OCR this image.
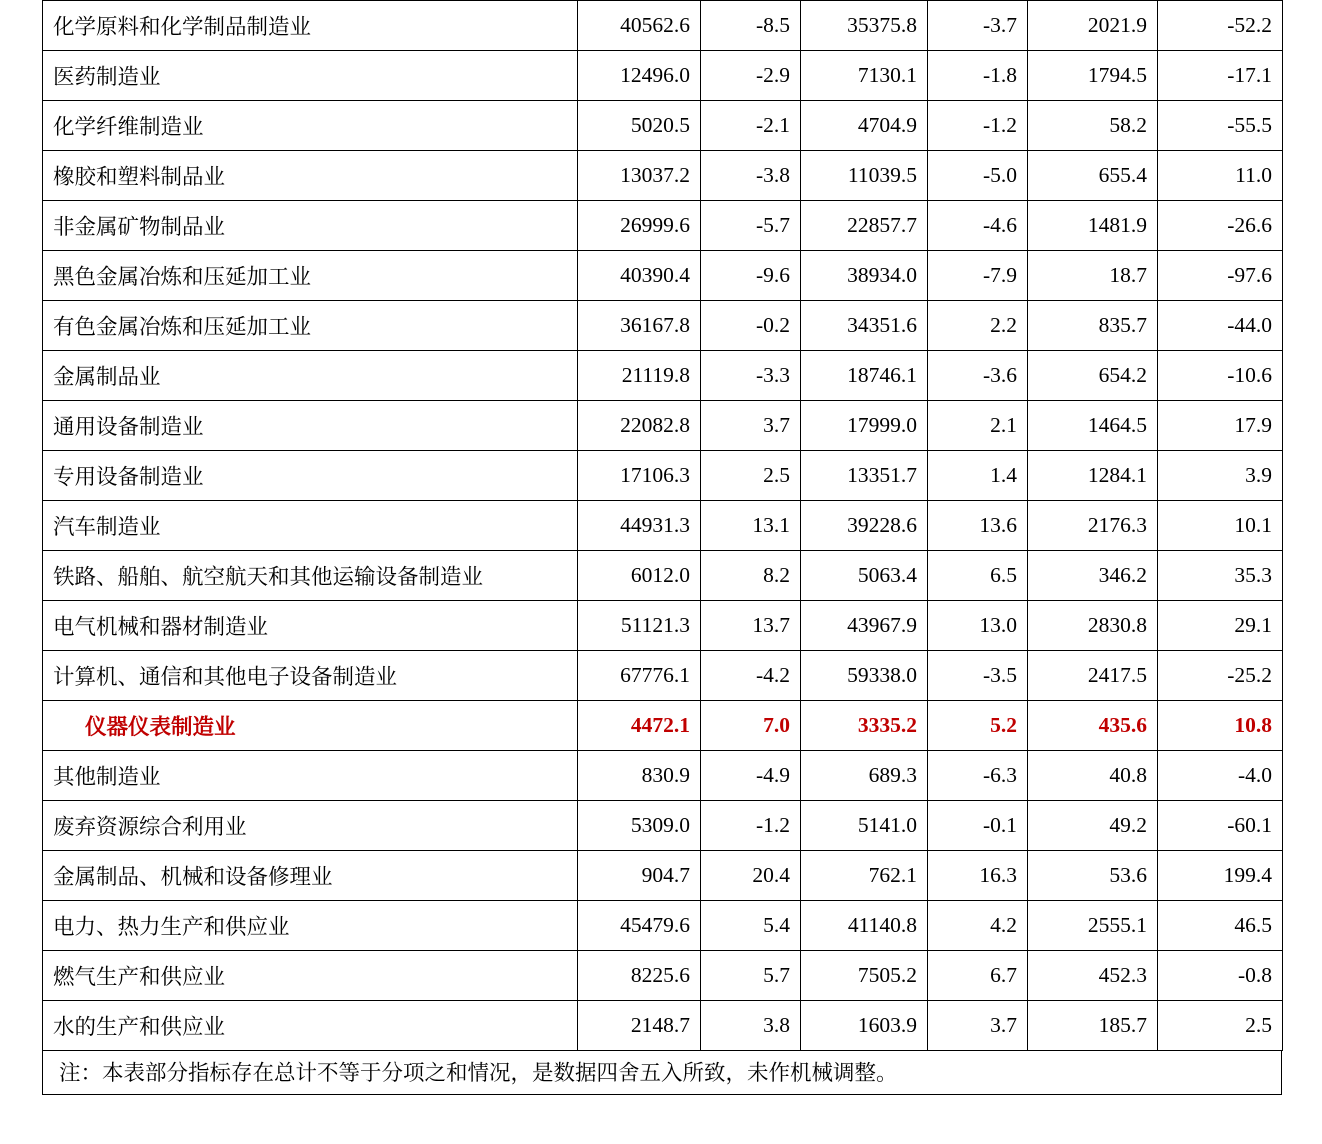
化学原料和化学制品制造业	40562.6	-8.5	35375.8	-3.7	2021.9	-52.2
医药制造业	12496.0	-2.9	7130.1	-1.8	1794.5	-17.1
化学纤维制造业	5020.5	-2.1	4704.9	-1.2	58.2	-55.5
橡胶和塑料制品业	13037.2	-3.8	11039.5	-5.0	655.4	11.0
非金属矿物制品业	26999.6	-5.7	22857.7	-4.6	1481.9	-26.6
黑色金属冶炼和压延加工业	40390.4	-9.6	38934.0	-7.9	18.7	-97.6
有色金属冶炼和压延加工业	36167.8	-0.2	34351.6	2.2	835.7	-44.0
金属制品业	21119.8	-3.3	18746.1	-3.6	654.2	-10.6
通用设备制造业	22082.8	3.7	17999.0	2.1	1464.5	17.9
专用设备制造业	17106.3	2.5	13351.7	1.4	1284.1	3.9
汽车制造业	44931.3	13.1	39228.6	13.6	2176.3	10.1
铁路、船舶、航空航天和其他运输设备制造业	6012.0	8.2	5063.4	6.5	346.2	35.3
电气机械和器材制造业	51121.3	13.7	43967.9	13.0	2830.8	29.1
计算机、通信和其他电子设备制造业	67776.1	-4.2	59338.0	-3.5	2417.5	-25.2
仪器仪表制造业	4472.1	7.0	3335.2	5.2	435.6	10.8
其他制造业	830.9	-4.9	689.3	-6.3	40.8	-4.0
废弃资源综合利用业	5309.0	-1.2	5141.0	-0.1	49.2	-60.1
金属制品、机械和设备修理业	904.7	20.4	762.1	16.3	53.6	199.4
电力、热力生产和供应业	45479.6	5.4	41140.8	4.2	2555.1	46.5
燃气生产和供应业	8225.6	5.7	7505.2	6.7	452.3	-0.8
水的生产和供应业	2148.7	3.8	1603.9	3.7	185.7	2.5
注：本表部分指标存在总计不等于分项之和情况，是数据四舍五入所致，未作机械调整。
